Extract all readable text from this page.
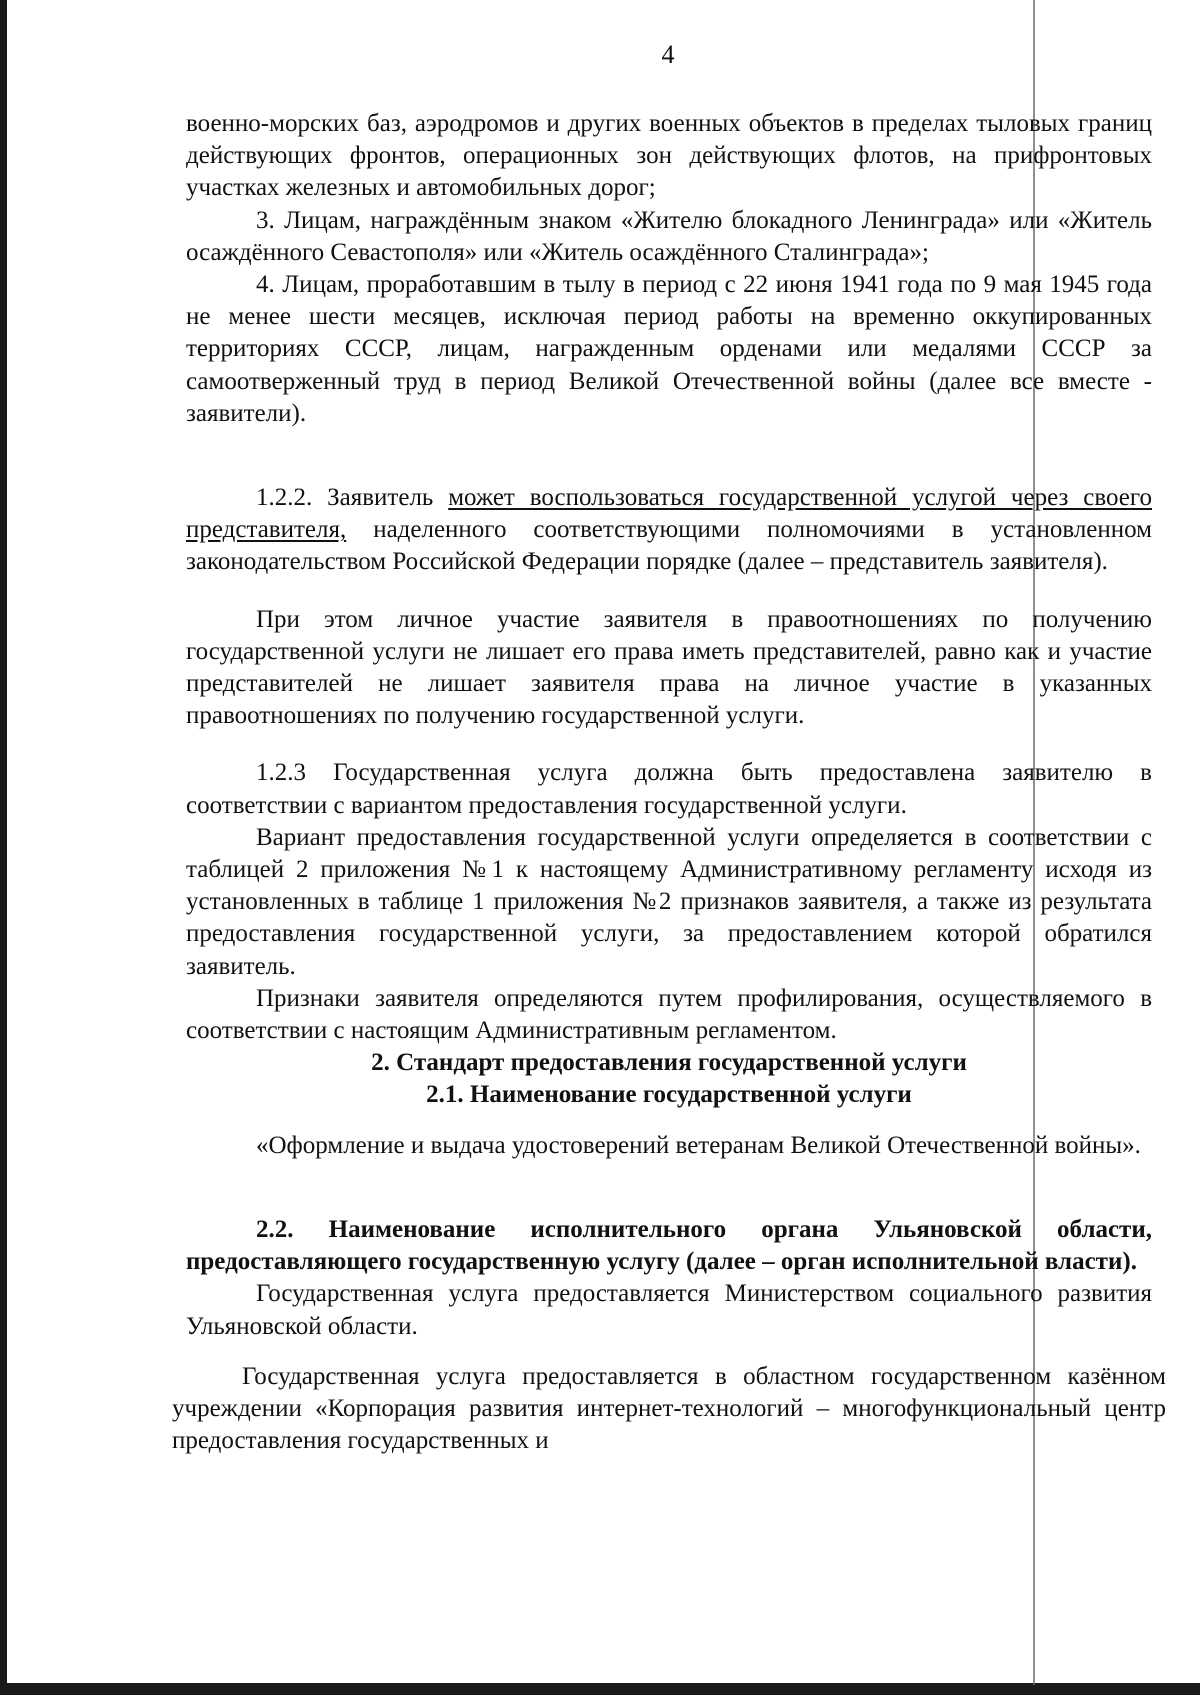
4

военно-морских баз, аэродромов и других военных объектов в пределах тыловых границ действующих фронтов, операционных зон действующих флотов, на прифронтовых участках железных и автомобильных дорог;

3. Лицам, награждённым знаком «Жителю блокадного Ленинграда» или «Житель осаждённого Севастополя» или «Житель осаждённого Сталинграда»;

4. Лицам, проработавшим в тылу в период с 22 июня 1941 года по 9 мая 1945 года не менее шести месяцев, исключая период работы на временно оккупированных территориях СССР, лицам, награжденным орденами или медалями СССР за самоотверженный труд в период Великой Отечественной войны (далее все вместе - заявители).

1.2.2. Заявитель может воспользоваться государственной услугой через своего представителя, наделенного соответствующими полномочиями в установленном законодательством Российской Федерации порядке (далее – представитель заявителя).

При этом личное участие заявителя в правоотношениях по получению государственной услуги не лишает его права иметь представителей, равно как и участие представителей не лишает заявителя права на личное участие в указанных правоотношениях по получению государственной услуги.

1.2.3 Государственная услуга должна быть предоставлена заявителю в соответствии с вариантом предоставления государственной услуги.

Вариант предоставления государственной услуги определяется в соответствии с таблицей 2 приложения №1 к настоящему Административному регламенту исходя из установленных в таблице 1 приложения №2 признаков заявителя, а также из результата предоставления государственной услуги, за предоставлением которой обратился заявитель.

Признаки заявителя определяются путем профилирования, осуществляемого в соответствии с настоящим Административным регламентом.

2. Стандарт предоставления государственной услуги

2.1. Наименование государственной услуги

«Оформление и выдача удостоверений ветеранам Великой Отечественной войны».

2.2. Наименование исполнительного органа Ульяновской области, предоставляющего государственную услугу (далее – орган исполнительной власти).

Государственная услуга предоставляется Министерством социального развития Ульяновской области.

Государственная услуга предоставляется в областном государственном казённом учреждении «Корпорация развития интернет-технологий – многофункциональный центр предоставления государственных и
